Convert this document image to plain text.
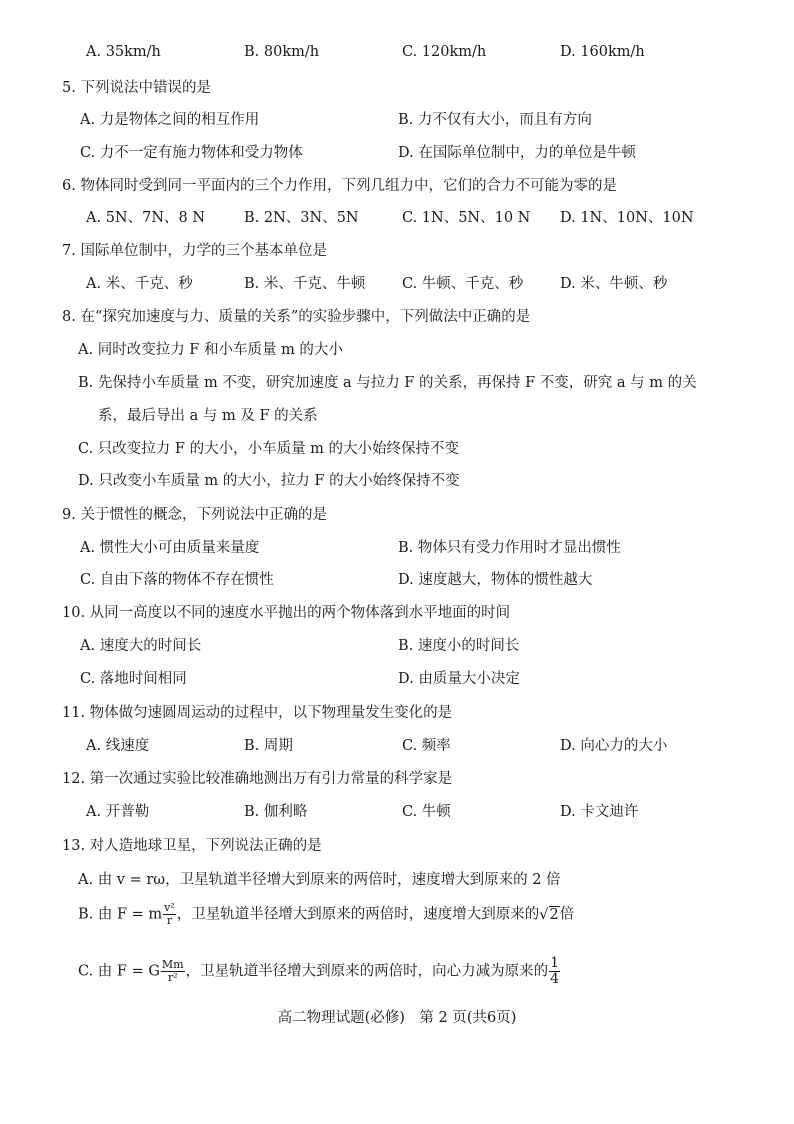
A. 35km/h	B. 80km/h	C. 120km/h	D. 160km/h
5. 下列说法中错误的是
A. 力是物体之间的相互作用	B. 力不仅有大小，而且有方向
C. 力不一定有施力物体和受力物体	D. 在国际单位制中，力的单位是牛顿
6. 物体同时受到同一平面内的三个力作用，下列几组力中，它们的合力不可能为零的是
A. 5N、7N、8 N	B. 2N、3N、5N	C. 1N、5N、10 N D. 1N、10N、10N
7. 国际单位制中，力学的三个基本单位是
A. 米、千克、秒	B. 米、千克、牛顿	C. 牛顿、千克、秒	D. 米、牛顿、秒
8. 在“探究加速度与力、质量的关系”的实验步骤中，下列做法中正确的是
A. 同时改变拉力 F 和小车质量 m 的大小
B. 先保持小车质量 m 不变，研究加速度 a 与拉力 F 的关系，再保持 F 不变，研究 a 与 m 的关
系，最后导出 a 与 m 及 F 的关系
C. 只改变拉力 F 的大小，小车质量 m 的大小始终保持不变
D. 只改变小车质量 m 的大小，拉力 F 的大小始终保持不变
9. 关于惯性的概念，下列说法中正确的是
A. 惯性大小可由质量来量度	B. 物体只有受力作用时才显出惯性
C. 自由下落的物体不存在惯性	D. 速度越大，物体的惯性越大
10. 从同一高度以不同的速度水平抛出的两个物体落到水平地面的时间
A. 速度大的时间长	B. 速度小的时间长
C. 落地时间相同	D. 由质量大小决定
11. 物体做匀速圆周运动的过程中，以下物理量发生变化的是
A. 线速度	B. 周期	C. 频率	D. 向心力的大小
12. 第一次通过实验比较准确地测出万有引力常量的科学家是
A. 开普勒	B. 伽利略	C. 牛顿	D. 卡文迪许
13. 对人造地球卫星，下列说法正确的是
A. 由 v = rω，卫星轨道半径增大到原来的两倍时，速度增大到原来的 2 倍
B. 由 F = m $\frac{\text{v²}}{r}$ ，卫星轨道半径增大到原来的两倍时，速度增大到原来的√2倍
C. 由 F = G $\frac{Mm}{\text{r²}}$ ，卫星轨道半径增大到原来的两倍时，向心力减为原来的 $\frac{1}{4}$
高二物理试题(必修)　第 2 页(共6页)
